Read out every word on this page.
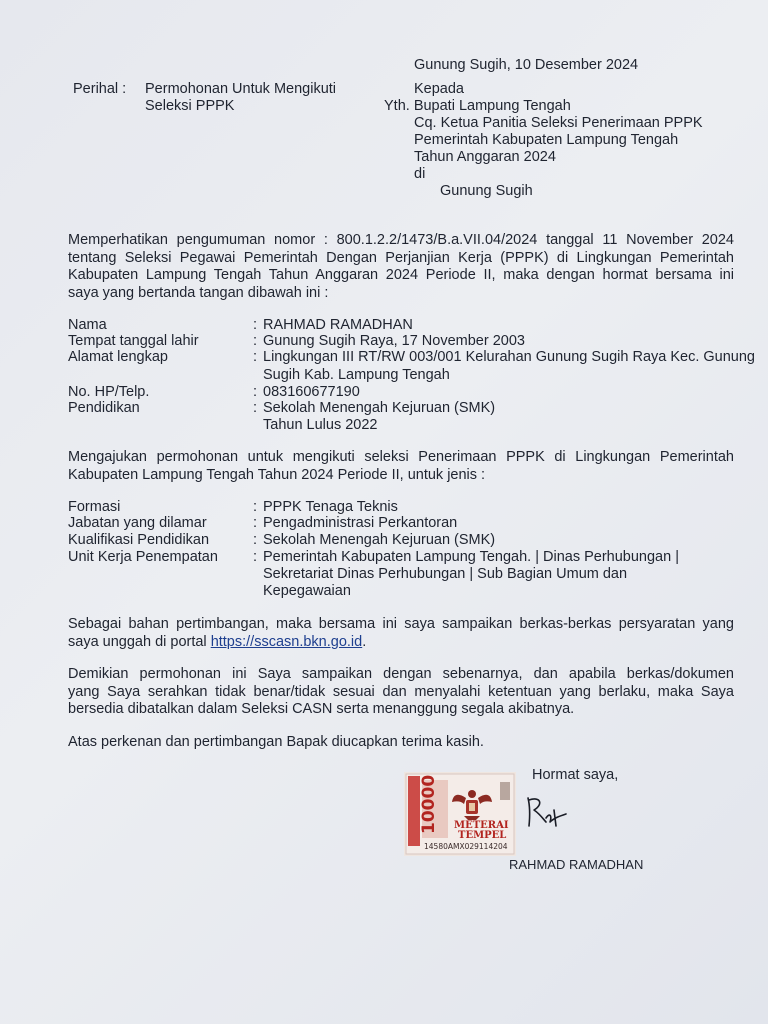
Gunung Sugih, 10 Desember 2024
Perihal : Permohonan Untuk Mengikuti
Seleksi PPPK
Kepada
Yth. Bupati Lampung Tengah
Cq. Ketua Panitia Seleksi Penerimaan PPPK
Pemerintah Kabupaten Lampung Tengah
Tahun Anggaran 2024
di
Gunung Sugih
Memperhatikan pengumuman nomor : 800.1.2.2/1473/B.a.VII.04/2024 tanggal 11 November 2024
tentang Seleksi Pegawai Pemerintah Dengan Perjanjian Kerja (PPPK) di Lingkungan Pemerintah
Kabupaten Lampung Tengah Tahun Anggaran 2024 Periode II, maka dengan hormat bersama ini
saya yang bertanda tangan dibawah ini :
Nama	: RAHMAD RAMADHAN
Tempat tanggal lahir	: Gunung Sugih Raya, 17 November 2003
Alamat lengkap	: Lingkungan III RT/RW 003/001 Kelurahan Gunung Sugih Raya Kec. Gunung
Sugih Kab. Lampung Tengah
No. HP/Telp.	: 083160677190
Pendidikan	: Sekolah Menengah Kejuruan (SMK)
Tahun Lulus 2022
Mengajukan permohonan untuk mengikuti seleksi Penerimaan PPPK di Lingkungan Pemerintah
Kabupaten Lampung Tengah Tahun 2024 Periode II, untuk jenis :
Formasi	: PPPK Tenaga Teknis
Jabatan yang dilamar	: Pengadministrasi Perkantoran
Kualifikasi Pendidikan	: Sekolah Menengah Kejuruan (SMK)
Unit Kerja Penempatan : Pemerintah Kabupaten Lampung Tengah. | Dinas Perhubungan |
Sekretariat Dinas Perhubungan | Sub Bagian Umum dan
Kepegawaian
Sebagai bahan pertimbangan, maka bersama ini saya sampaikan berkas-berkas persyaratan yang
saya unggah di portal https://sscasn.bkn.go.id.
Demikian permohonan ini Saya sampaikan dengan sebenarnya, dan apabila berkas/dokumen
yang Saya serahkan tidak benar/tidak sesuai dan menyalahi ketentuan yang berlaku, maka Saya
bersedia dibatalkan dalam Seleksi CASN serta menanggung segala akibatnya.
Atas perkenan dan pertimbangan Bapak diucapkan terima kasih.
Hormat saya,
10000 METERAI
TEMPEL
14580AMX029114204
RAHMAD RAMADHAN
